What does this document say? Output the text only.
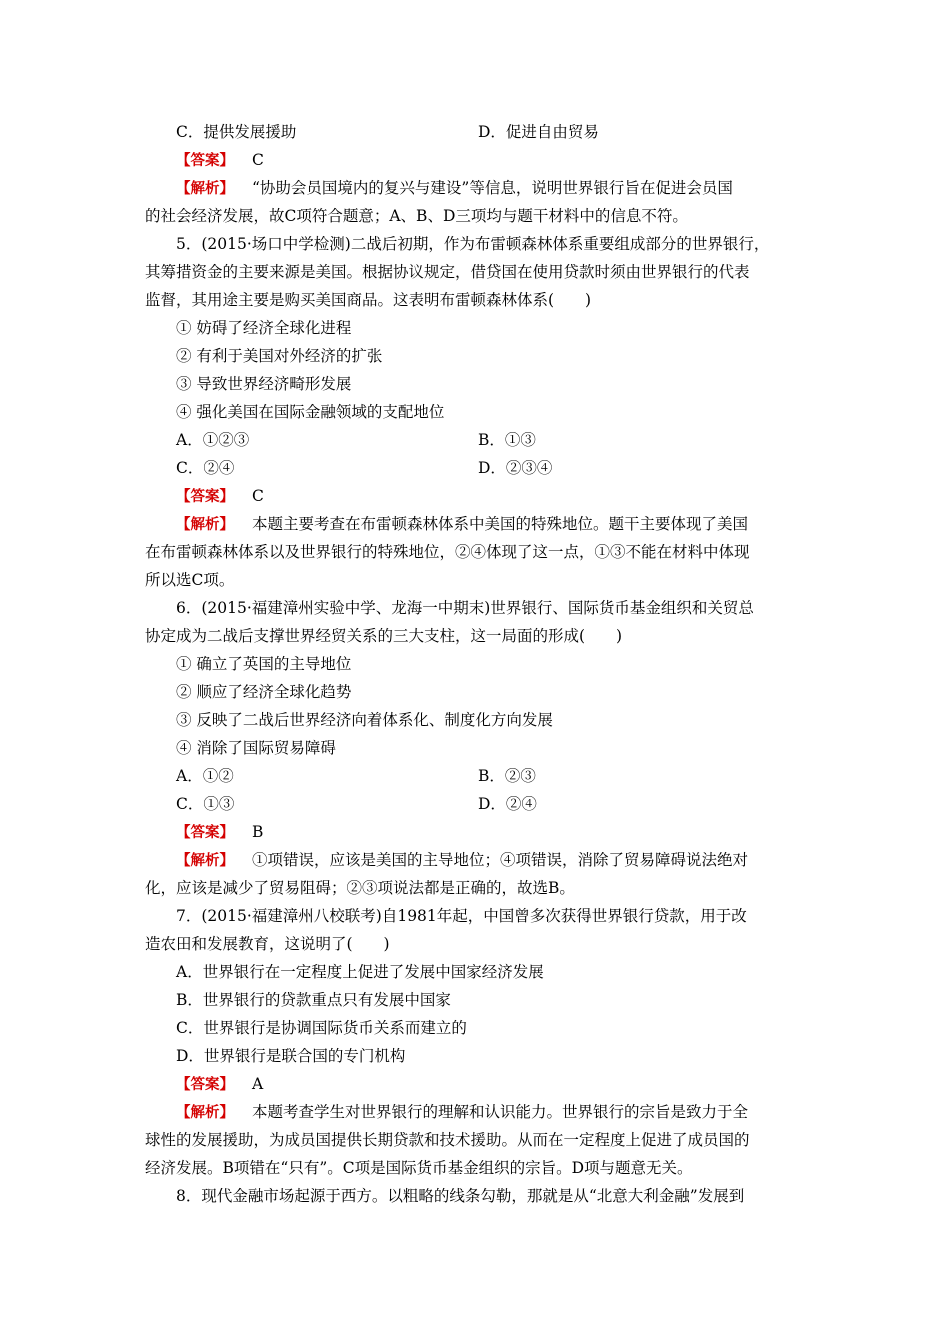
C．提供发展援助	D．促进自由贸易
【答案】 C
【解析】 “协助会员国境内的复兴与建设”等信息，说明世界银行旨在促进会员国
的社会经济发展，故C项符合题意；A、B、D三项均与题干材料中的信息不符。
5．(2015·场口中学检测)二战后初期，作为布雷顿森林体系重要组成部分的世界银行，
其筹措资金的主要来源是美国。根据协议规定，借贷国在使用贷款时须由世界银行的代表
监督，其用途主要是购买美国商品。这表明布雷顿森林体系(　　)
① 妨碍了经济全球化进程
② 有利于美国对外经济的扩张
③ 导致世界经济畸形发展
④ 强化美国在国际金融领域的支配地位
A．①②③	B．①③
C．②④	D．②③④
【答案】 C
【解析】 本题主要考查在布雷顿森林体系中美国的特殊地位。题干主要体现了美国
在布雷顿森林体系以及世界银行的特殊地位，②④体现了这一点，①③不能在材料中体现
所以选C项。
6．(2015·福建漳州实验中学、龙海一中期末)世界银行、国际货币基金组织和关贸总
协定成为二战后支撑世界经贸关系的三大支柱，这一局面的形成(　　)
① 确立了英国的主导地位
② 顺应了经济全球化趋势
③ 反映了二战后世界经济向着体系化、制度化方向发展
④ 消除了国际贸易障碍
A．①②	B．②③
C．①③	D．②④
【答案】 B
【解析】 ①项错误，应该是美国的主导地位；④项错误，消除了贸易障碍说法绝对
化，应该是减少了贸易阻碍；②③项说法都是正确的，故选B。
7．(2015·福建漳州八校联考)自1981年起，中国曾多次获得世界银行贷款，用于改
造农田和发展教育，这说明了(　　)
A．世界银行在一定程度上促进了发展中国家经济发展
B．世界银行的贷款重点只有发展中国家
C．世界银行是协调国际货币关系而建立的
D．世界银行是联合国的专门机构
【答案】 A
【解析】 本题考查学生对世界银行的理解和认识能力。世界银行的宗旨是致力于全
球性的发展援助，为成员国提供长期贷款和技术援助。从而在一定程度上促进了成员国的
经济发展。B项错在“只有”。C项是国际货币基金组织的宗旨。D项与题意无关。
8．现代金融市场起源于西方。以粗略的线条勾勒，那就是从“北意大利金融”发展到
